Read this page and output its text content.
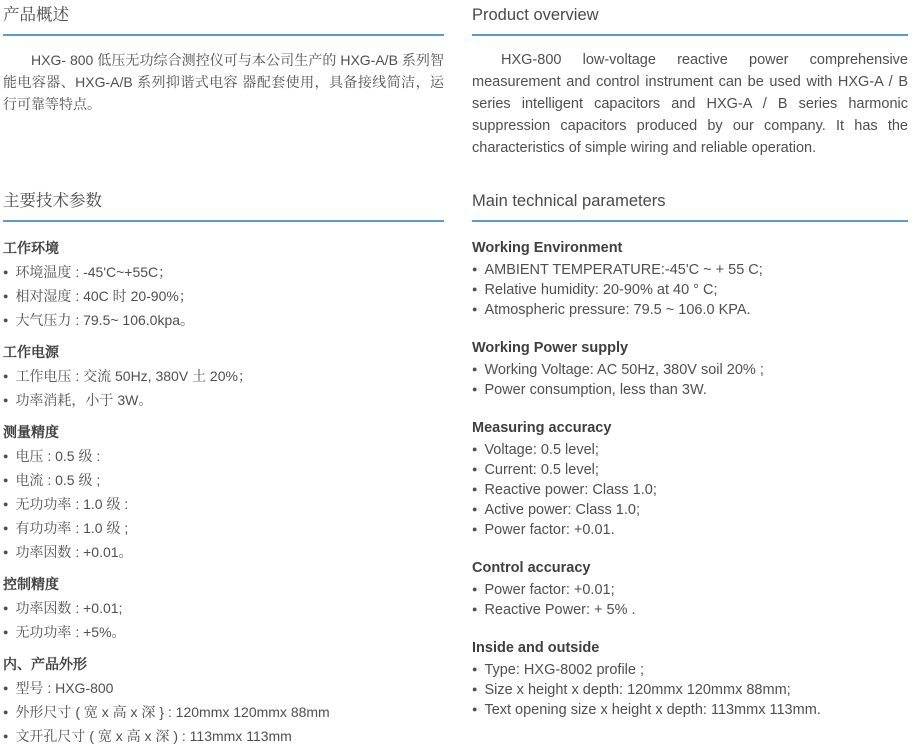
产品概述

HXG- 800 低压无功综合测控仪可与本公司生产的 HXG-A/B 系列智能电容器、HXG-A/B 系列抑谐式电容 器配套使用，具备接线简洁，运行可靠等特点。

主要技术参数
工作环境
● 环境温度 : -45'C~+55C；
● 相对湿度 : 40C 时 20-90%；
● 大气压力 : 79.5~ 106.0kpa。
工作电源
● 工作电压 : 交流 50Hz, 380V 土 20%；
● 功率消耗，小于 3W。
测量精度
● 电压 : 0.5 级 :
● 电流 : 0.5 级 ;
● 无功功率 : 1.0 级 :
● 有功功率 : 1.0 级 ;
● 功率因数 : +0.01。
控制精度
● 功率因数 : +0.01;
● 无功功率 : +5%。
内、产品外形
● 型号 : HXG-800
● 外形尺寸 ( 宽 x 高 x 深 } : 120mmx 120mmx 88mm
● 文开孔尺寸 ( 宽 x 高 x 深 ) : 113mmx 113mm
Product overview

HXG-800 low-voltage reactive power comprehensive measurement and control instrument can be used with HXG-A / B series intelligent capacitors and HXG-A / B series harmonic suppression capacitors produced by our company. It has the characteristics of simple wiring and reliable operation.

Main technical parameters
Working Environment
● AMBIENT TEMPERATURE:-45'C ~ + 55 C;
● Relative humidity: 20-90% at 40 ° C;
● Atmospheric pressure: 79.5 ~ 106.0 KPA.
Working Power supply
● Working Voltage: AC 50Hz, 380V soil 20% ;
● Power consumption, less than 3W.
Measuring accuracy
● Voltage: 0.5 level;
● Current: 0.5 level;
● Reactive power: Class 1.0;
● Active power: Class 1.0;
● Power factor: +0.01.
Control accuracy
● Power factor: +0.01;
● Reactive Power: + 5% .
Inside and outside
● Type: HXG-8002 profile ;
● Size x height x depth: 120mmx 120mmx 88mm;
● Text opening size x height x depth: 113mmx 113mm.
